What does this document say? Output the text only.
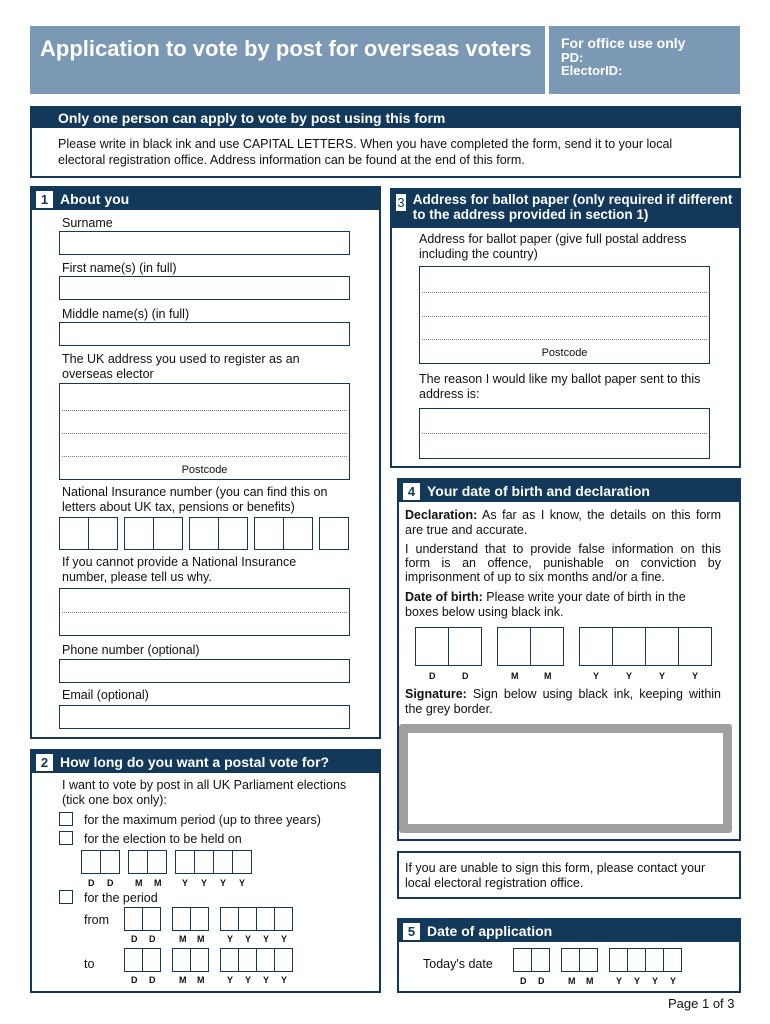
Application to vote by post for overseas voters	For office use only
PD:
ElectorID:
Only one person can apply to vote by post using this form
Please write in black ink and use CAPITAL LETTERS. When you have completed the form, send it to your local electoral registration office. Address information can be found at the end of this form.
1 About you
Surname
First name(s) (in full)
Middle name(s) (in full)
The UK address you used to register as an overseas elector
Postcode
National Insurance number (you can find this on letters about UK tax, pensions or benefits)
If you cannot provide a National Insurance number, please tell us why.
Phone number (optional)
Email (optional)
2 How long do you want a postal vote for?
I want to vote by post in all UK Parliament elections (tick one box only):
for the maximum period (up to three years)
for the election to be held on
D D M M Y Y Y Y
for the period
from
D D	M M	Y Y Y Y
to
D D	M M	Y Y Y Y
3 Address for ballot paper (only required if different to the address provided in section 1)
Address for ballot paper (give full postal address including the country)
Postcode
The reason I would like my ballot paper sent to this address is:
4 Your date of birth and declaration
Declaration: As far as I know, the details on this form are true and accurate.
I understand that to provide false information on this form is an offence, punishable on conviction by imprisonment of up to six months and/or a fine.
Date of birth: Please write your date of birth in the boxes below using black ink.
D	D	M	M	Y	Y	Y	Y
Signature: Sign below using black ink, keeping within the grey border.
If you are unable to sign this form, please contact your local electoral registration office.
5 Date of application
Today's date
D D	M M	Y Y Y Y
Page 1 of 3
